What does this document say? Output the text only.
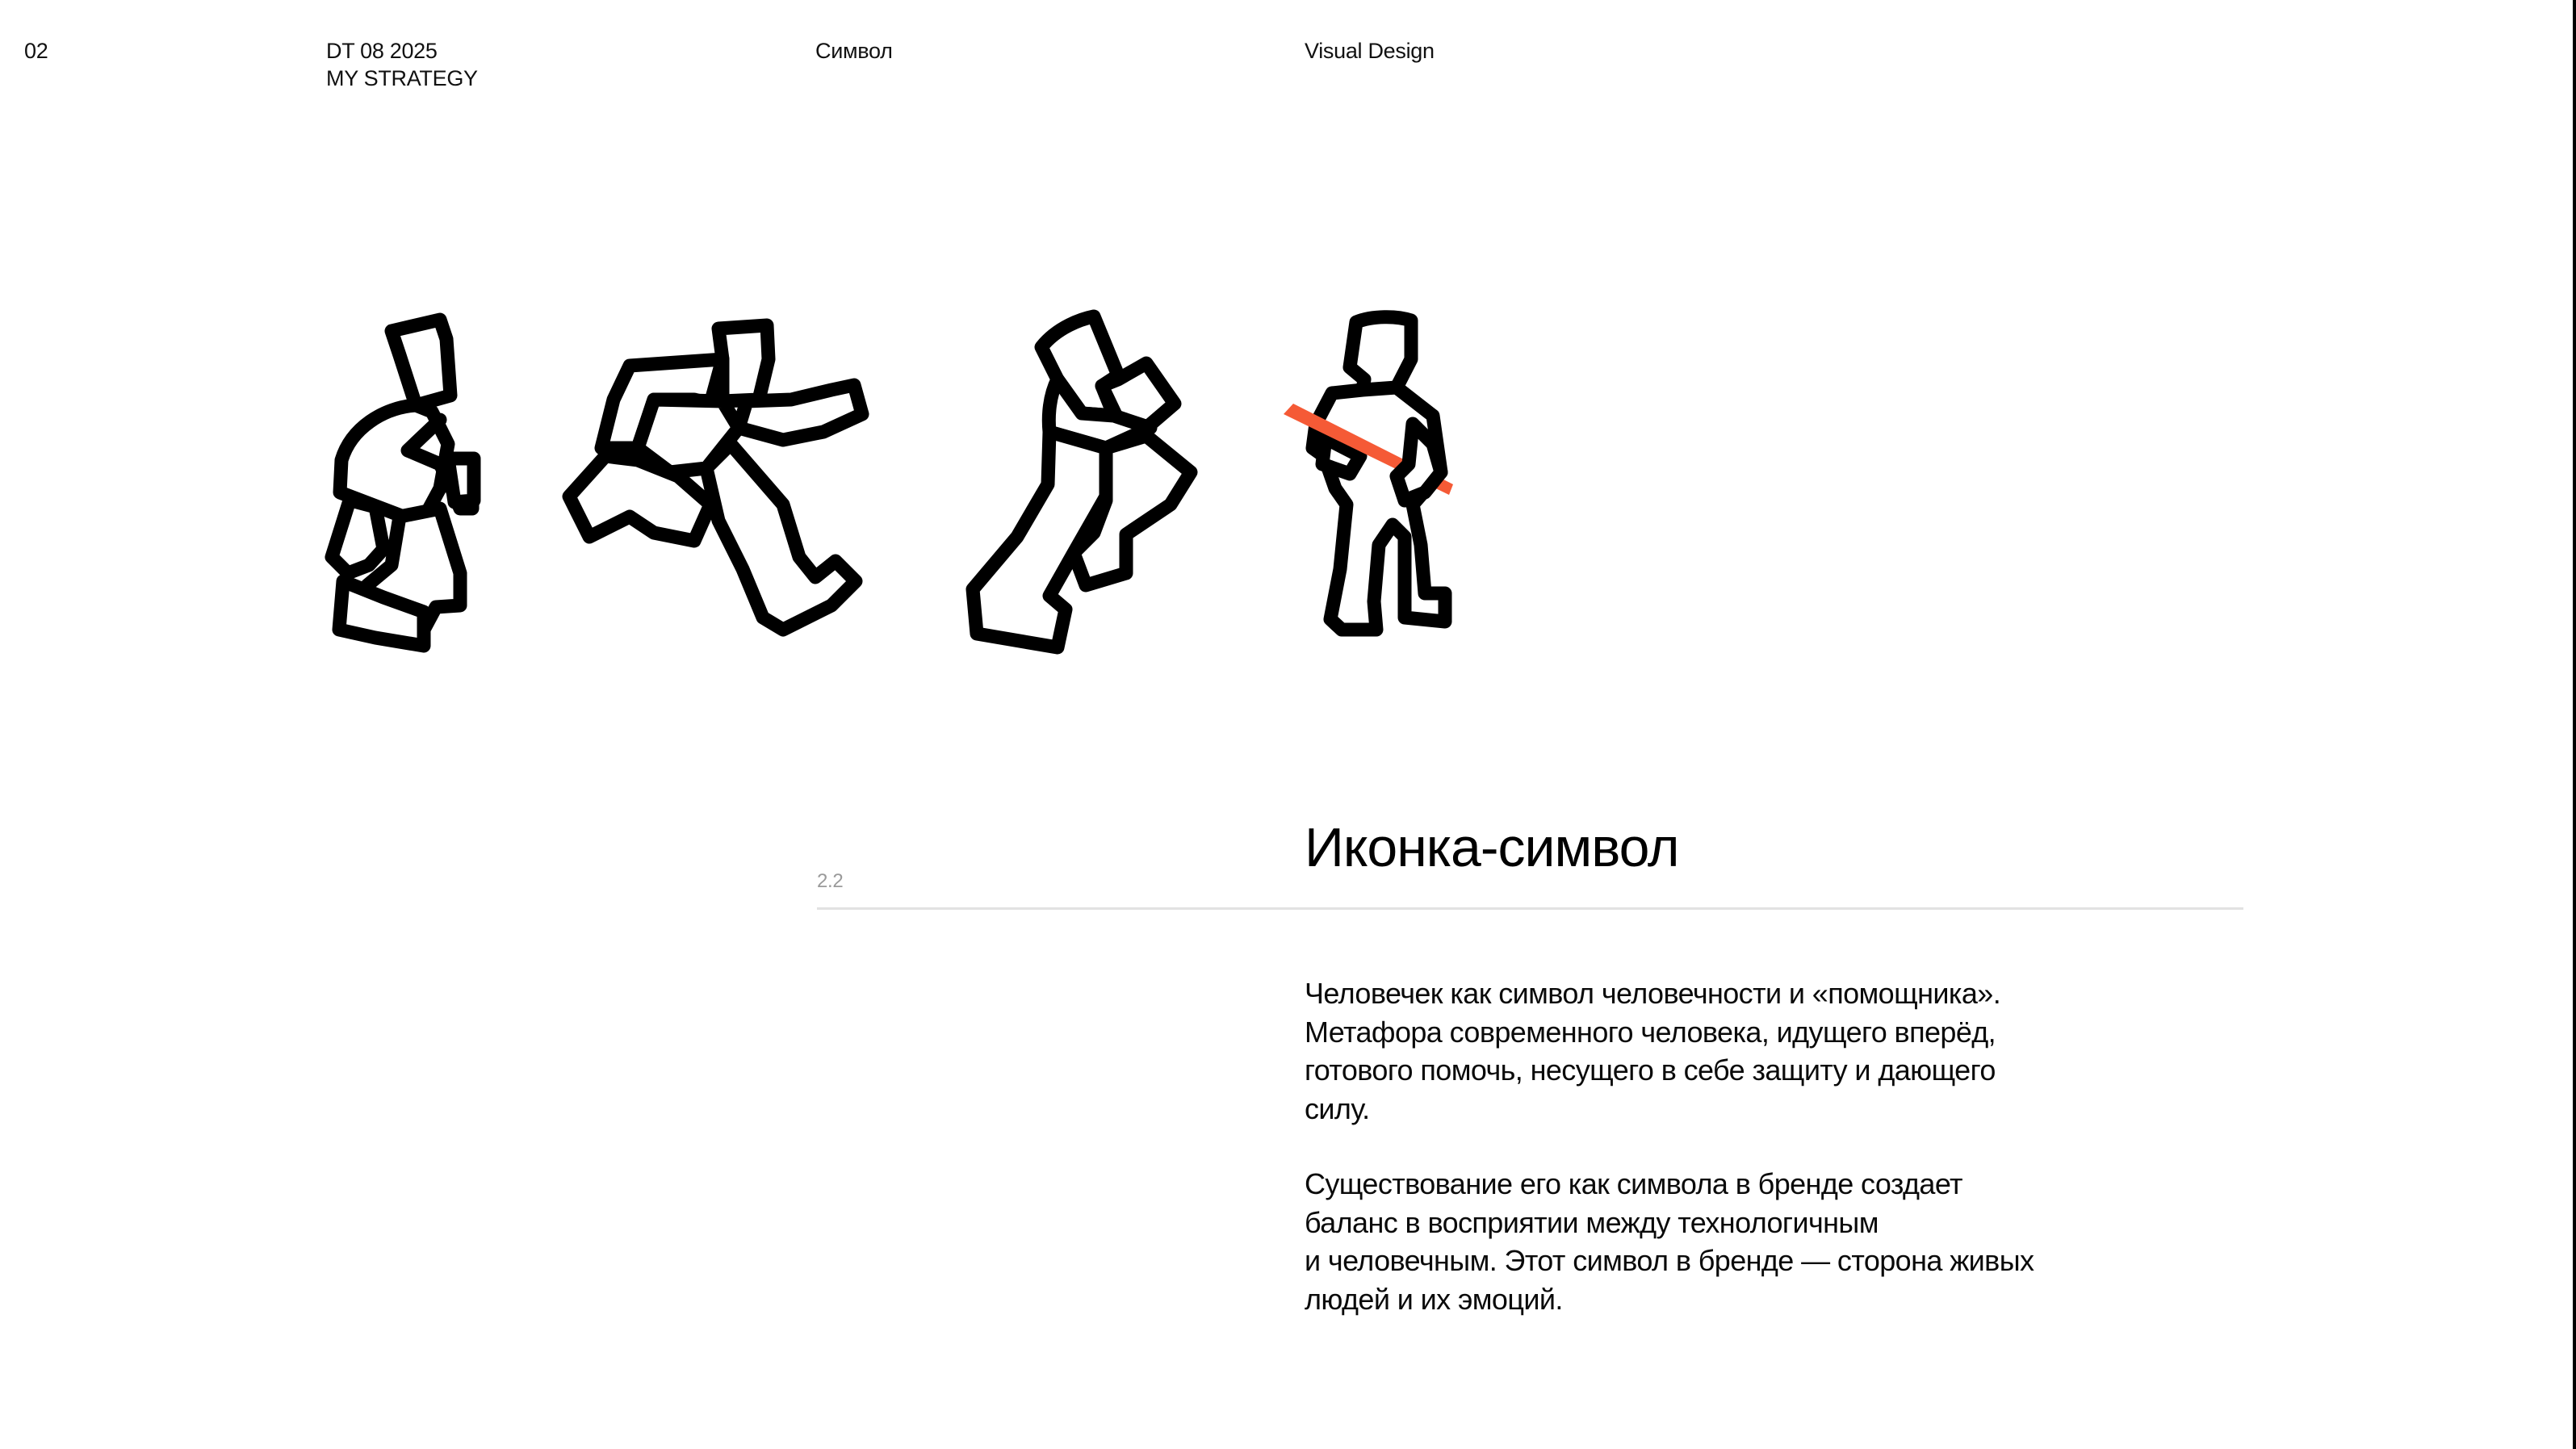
02	DT 08 2025
MY STRATEGY
Символ	Visual Design
2.2
Иконка-символ
Человечек как символ человечности и «помощника».
Метафора современного человека, идущего вперёд,
готового помочь, несущего в себе защиту и дающего
силу.
Существование его как символа в бренде создает
баланс в восприятии между технологичным
и человечным. Этот символ в бренде — сторона живых
людей и их эмоций.
